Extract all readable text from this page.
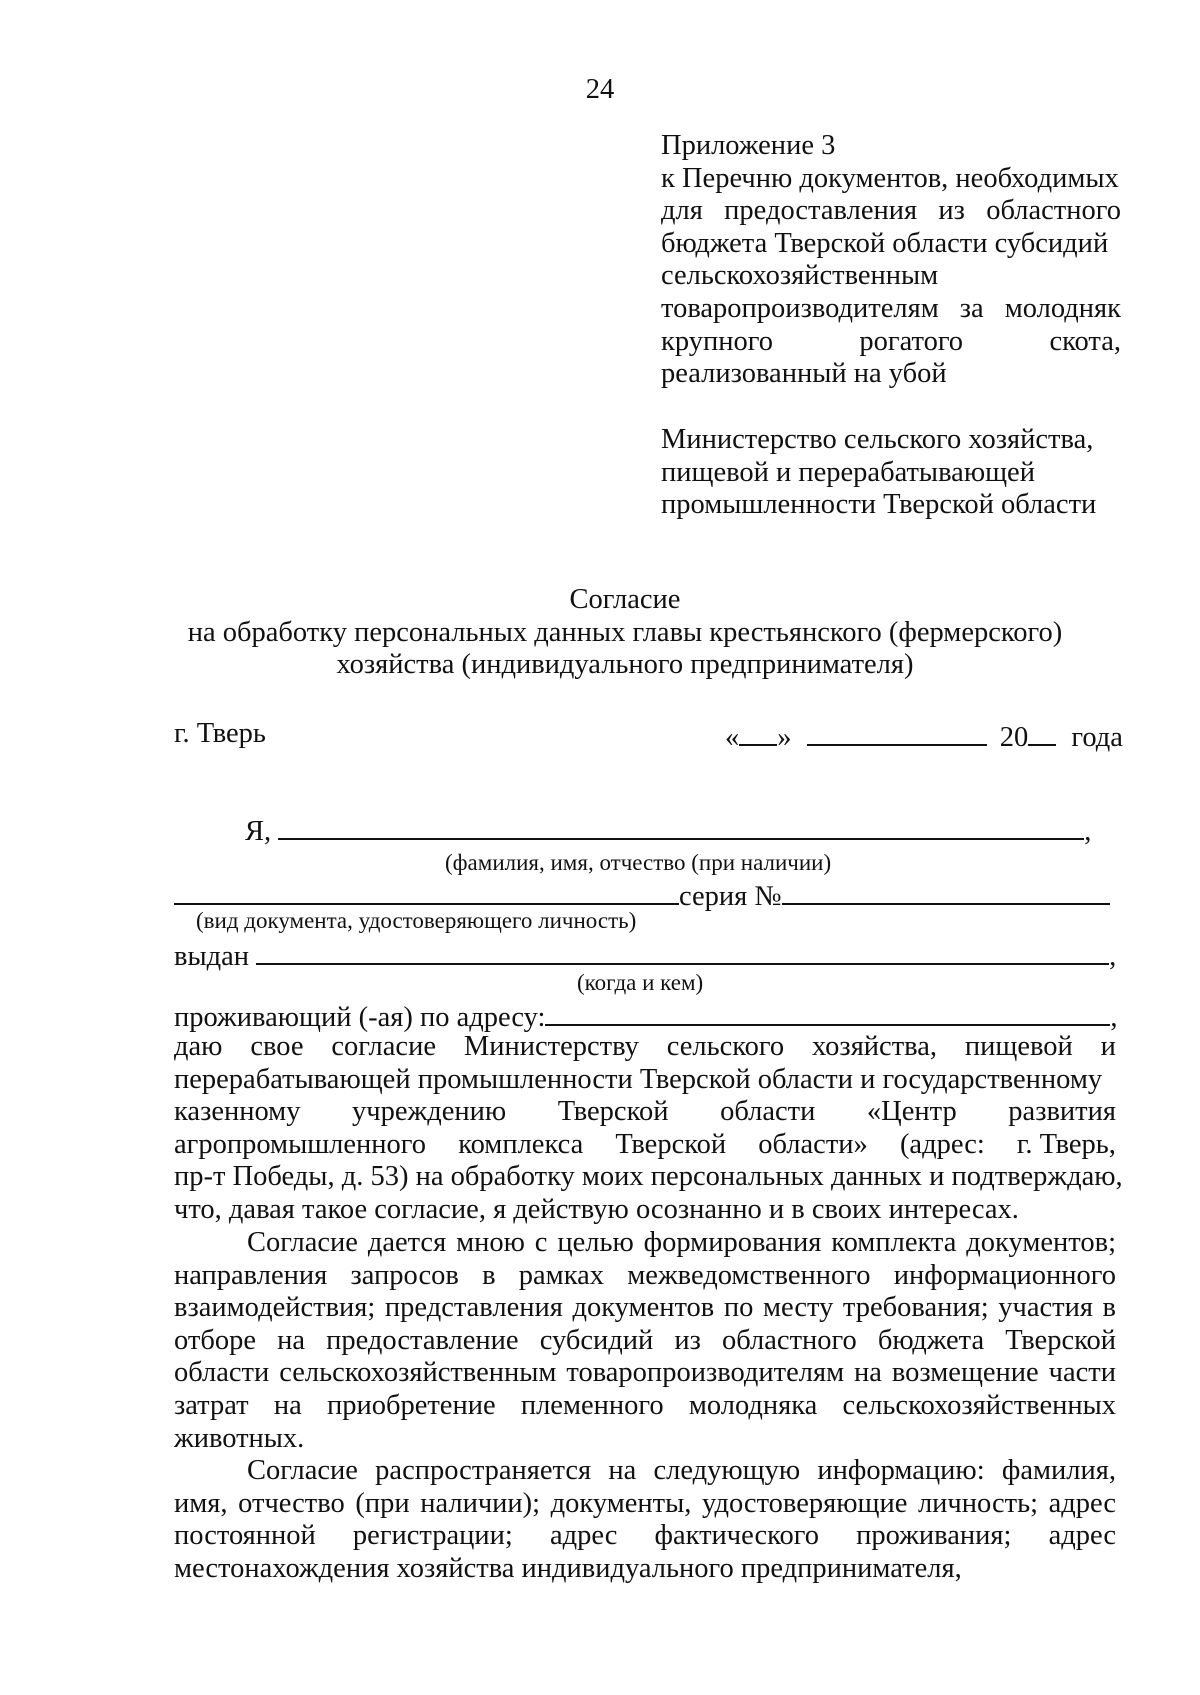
24
Приложение 3
к Перечню документов, необходимых
для предоставления из областного
бюджета Тверской области субсидий
сельскохозяйственным
товаропроизводителям за молодняк
крупного	рогатого	скота,
реализованный на убой
Министерство сельского хозяйства,
пищевой и перерабатывающей
промышленности Тверской области
Согласие
на обработку персональных данных главы крестьянского (фермерского)
хозяйства (индивидуального предпринимателя)
г. Тверь	« »	20 года
Я,	,
(фамилия, имя, отчество (при наличии)
серия №
(вид документа, удостоверяющего личность)
выдан	,
(когда и кем)
проживающий (-ая) по адресу:	,
даю свое согласие Министерству сельского хозяйства, пищевой и
перерабатывающей промышленности Тверской области и государственному
казенному учреждению Тверской области «Центр развития
агропромышленного комплекса Тверской области» (адрес: г. Тверь,
пр-т Победы, д. 53) на обработку моих персональных данных и подтверждаю,
что, давая такое согласие, я действую осознанно и в своих интересах.

Согласие дается мною с целью формирования комплекта документов; направления запросов в рамках межведомственного информационного взаимодействия; представления документов по месту требования; участия в отборе на предоставление субсидий из областного бюджета Тверской области сельскохозяйственным товаропроизводителям на возмещение части затрат на приобретение племенного молодняка сельскохозяйственных животных.

Согласие распространяется на следующую информацию: фамилия, имя, отчество (при наличии); документы, удостоверяющие личность; адрес постоянной регистрации; адрес фактического проживания; адрес местонахождения хозяйства индивидуального предпринимателя,
